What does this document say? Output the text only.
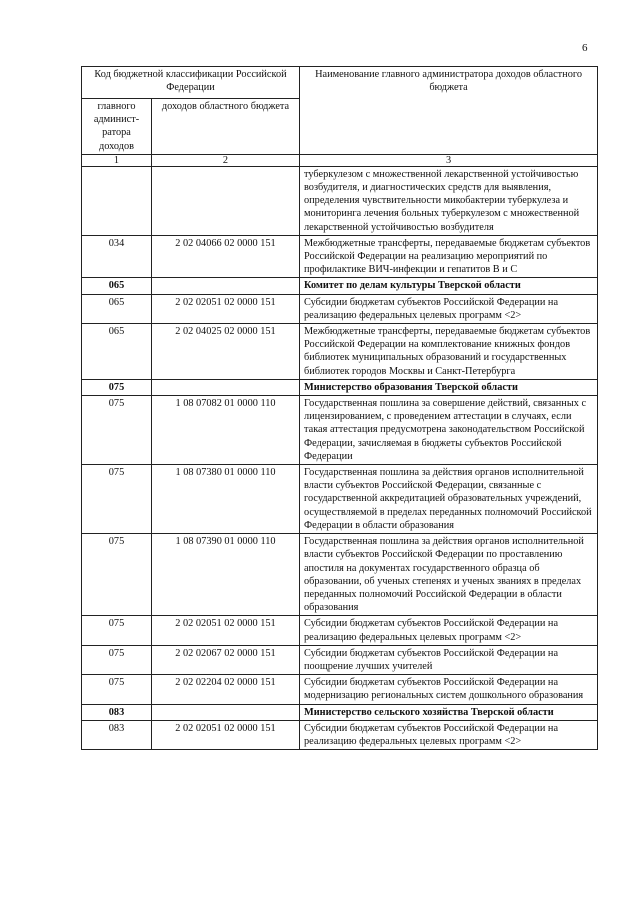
6
Код бюджетной классификации Российской Федерации		Наименование главного администратора доходов областного бюджета
главного админист-ратора доходов	доходов областного бюджета	
1	2	3
		туберкулезом с множественной лекарственной устойчивостью возбудителя, и диагностических средств для выявления, определения чувствительности микобактерии туберкулеза и мониторинга лечения больных туберкулезом с множественной лекарственной устойчивостью возбудителя
034	2 02 04066 02 0000 151	Межбюджетные трансферты, передаваемые бюджетам субъектов Российской Федерации на реализацию мероприятий по профилактике ВИЧ-инфекции и гепатитов В и С
065		Комитет по делам культуры Тверской области
065	2 02 02051 02 0000 151	Субсидии бюджетам субъектов Российской Федерации на реализацию федеральных целевых программ <2>
065	2 02 04025 02 0000 151	Межбюджетные трансферты, передаваемые бюджетам субъектов Российской Федерации на комплектование книжных фондов библиотек муниципальных образований и государственных библиотек городов Москвы и Санкт-Петербурга
075		Министерство образования Тверской области
075	1 08 07082 01 0000 110	Государственная пошлина за совершение действий, связанных с лицензированием, с проведением аттестации в случаях, если такая аттестация предусмотрена законодательством Российской Федерации, зачисляемая в бюджеты субъектов Российской Федерации
075	1 08 07380 01 0000 110	Государственная пошлина за действия органов исполнительной власти субъектов Российской Федерации, связанные с государственной аккредитацией образовательных учреждений, осуществляемой в пределах переданных полномочий Российской Федерации в области образования
075	1 08 07390 01 0000 110	Государственная пошлина за действия органов исполнительной власти субъектов Российской Федерации по проставлению апостиля на документах государственного образца об образовании, об ученых степенях и ученых званиях в пределах переданных полномочий Российской Федерации в области образования
075	2 02 02051 02 0000 151	Субсидии бюджетам субъектов Российской Федерации на реализацию федеральных целевых программ <2>
075	2 02 02067 02 0000 151	Субсидии бюджетам субъектов Российской Федерации на поощрение лучших учителей
075	2 02 02204 02 0000 151	Субсидии бюджетам субъектов Российской Федерации на модернизацию региональных систем дошкольного образования
083		Министерство сельского хозяйства Тверской области
083	2 02 02051 02 0000 151	Субсидии бюджетам субъектов Российской Федерации на реализацию федеральных целевых программ <2>
